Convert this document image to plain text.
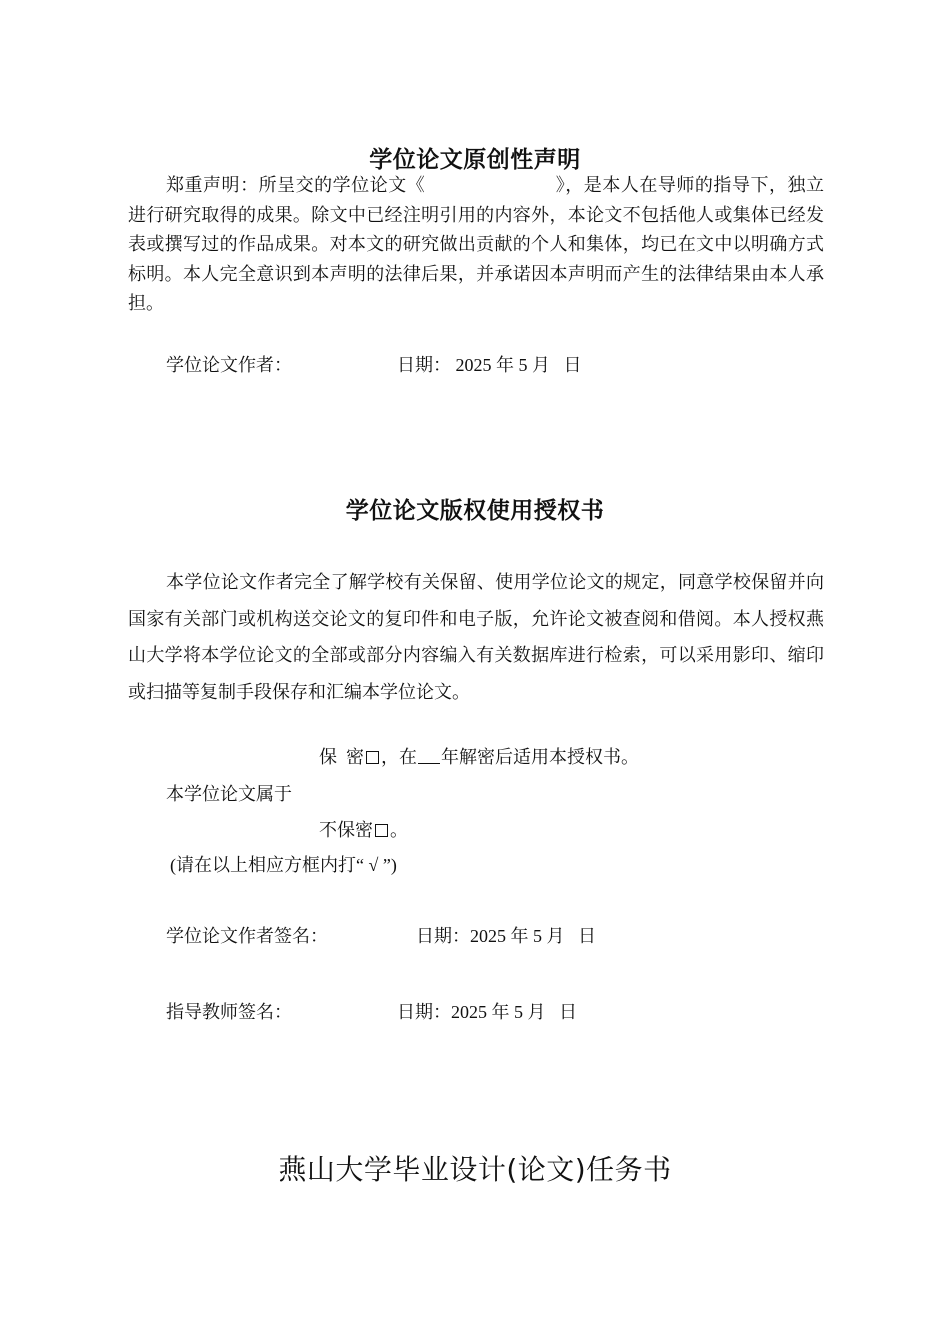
学位论文原创性声明

郑重声明：所呈交的学位论文《	》，是本人在导师的指导下，独立进行研究取得的成果。除文中已经注明引用的内容外，本论文不包括他人或集体已经发表或撰写过的作品成果。对本文的研究做出贡献的个人和集体，均已在文中以明确方式标明。本人完全意识到本声明的法律后果，并承诺因本声明而产生的法律结果由本人承担。

学位论文作者：	日期： 2025 年 5 月   日

学位论文版权使用授权书

本学位论文作者完全了解学校有关保留、使用学位论文的规定，同意学校保留并向国家有关部门或机构送交论文的复印件和电子版，允许论文被查阅和借阅。本人授权燕山大学将本学位论文的全部或部分内容编入有关数据库进行检索，可以采用影印、缩印或扫描等复制手段保存和汇编本学位论文。

保  密 ，在 年解密后适用本授权书。

本学位论文属于

不保密 。

(请在以上相应方框内打“ √ ”)

学位论文作者签名：	日期：2025 年 5 月   日

指导教师签名：	日期：2025 年 5 月   日

燕山大学毕业设计(论文)任务书
